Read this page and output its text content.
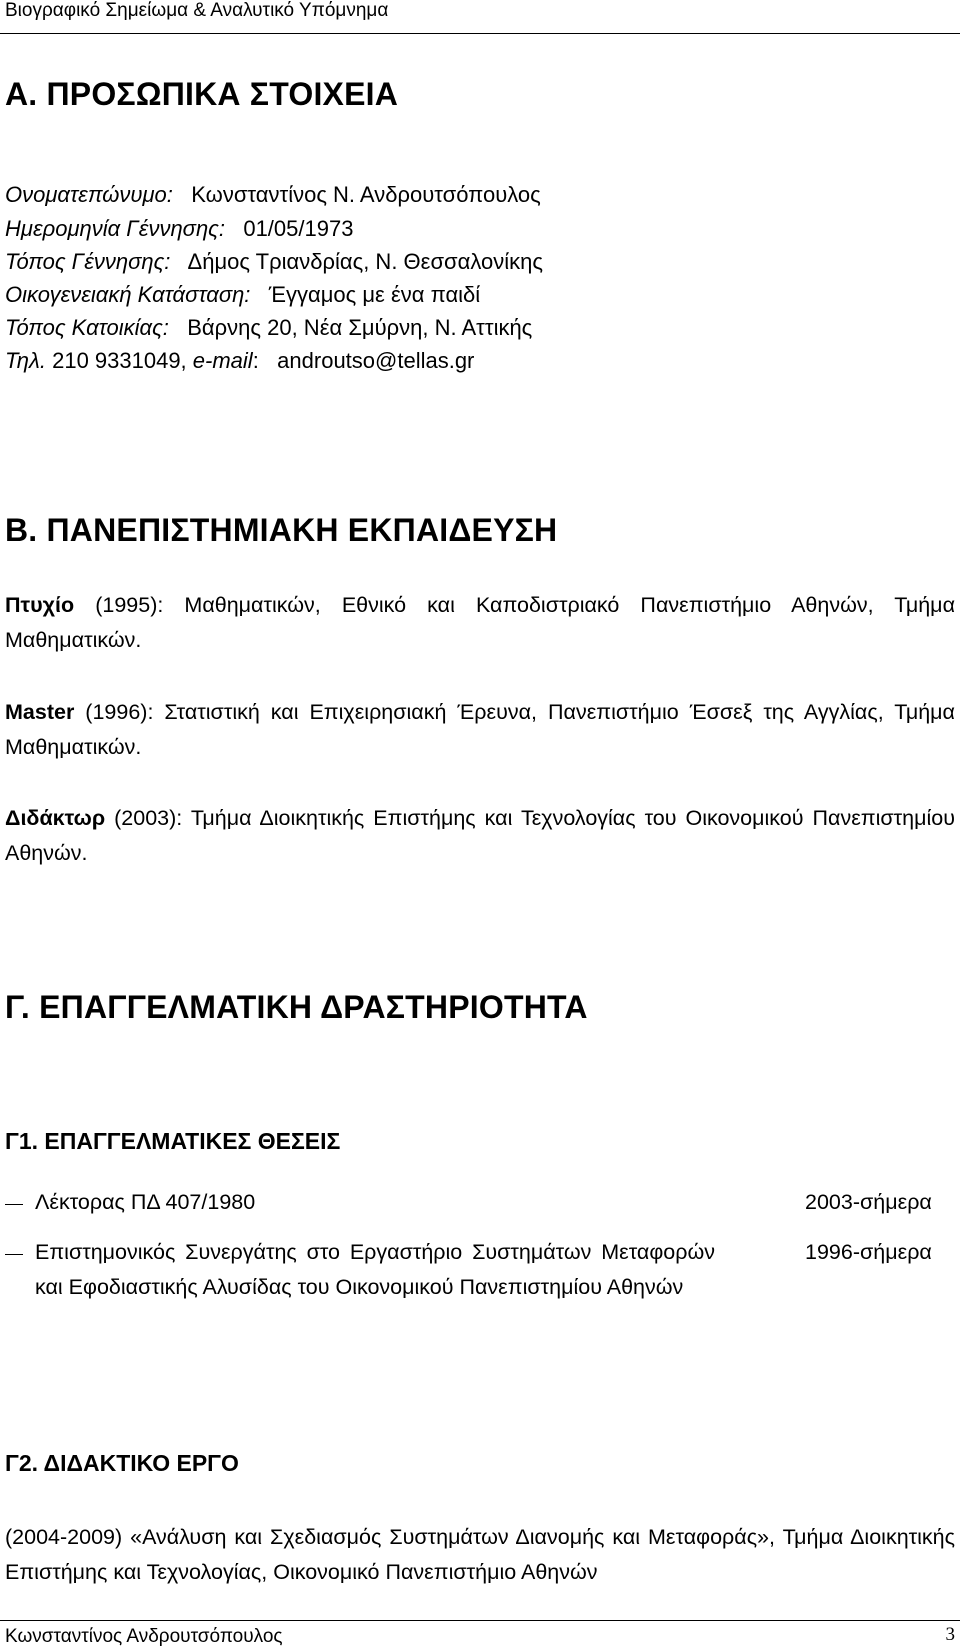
Βιογραφικό Σημείωμα & Αναλυτικό Υπόμνημα
Α. ΠΡΟΣΩΠΙΚΑ ΣΤΟΙΧΕΙΑ
Ονοματεπώνυμο: Κωνσταντίνος Ν. Ανδρουτσόπουλος
Ημερομηνία Γέννησης: 01/05/1973
Τόπος Γέννησης: Δήμος Τριανδρίας, Ν. Θεσσαλονίκης
Οικογενειακή Κατάσταση: Έγγαμος με ένα παιδί
Τόπος Κατοικίας: Βάρνης 20, Νέα Σμύρνη, Ν. Αττικής
Τηλ. 210 9331049, e-mail: androutso@tellas.gr
Β. ΠΑΝΕΠΙΣΤΗΜΙΑΚΗ ΕΚΠΑΙΔΕΥΣΗ
Πτυχίο (1995): Μαθηματικών, Εθνικό και Καποδιστριακό Πανεπιστήμιο Αθηνών, Τμήμα Μαθηματικών.
Master (1996): Στατιστική και Επιχειρησιακή Έρευνα, Πανεπιστήμιο Έσσεξ της Αγγλίας, Τμήμα Μαθηματικών.
Διδάκτωρ (2003): Τμήμα Διοικητικής Επιστήμης και Τεχνολογίας του Οικονομικού Πανεπιστημίου Αθηνών.
Γ. ΕΠΑΓΓΕΛΜΑΤΙΚΗ ΔΡΑΣΤΗΡΙΟΤΗΤΑ
Γ1. ΕΠΑΓΓΕΛΜΑΤΙΚΕΣ ΘΕΣΕΙΣ
Λέκτορας ΠΔ 407/1980	2003-σήμερα
Επιστημονικός Συνεργάτης στο Εργαστήριο Συστημάτων Μεταφορών και Εφοδιαστικής Αλυσίδας του Οικονομικού Πανεπιστημίου Αθηνών
1996-σήμερα
Γ2. ΔΙΔΑΚΤΙΚΟ ΕΡΓΟ
(2004-2009) «Ανάλυση και Σχεδιασμός Συστημάτων Διανομής και Μεταφοράς», Τμήμα Διοικητικής Επιστήμης και Τεχνολογίας, Οικονομικό Πανεπιστήμιο Αθηνών
Κωνσταντίνος Ανδρουτσόπουλος	3
